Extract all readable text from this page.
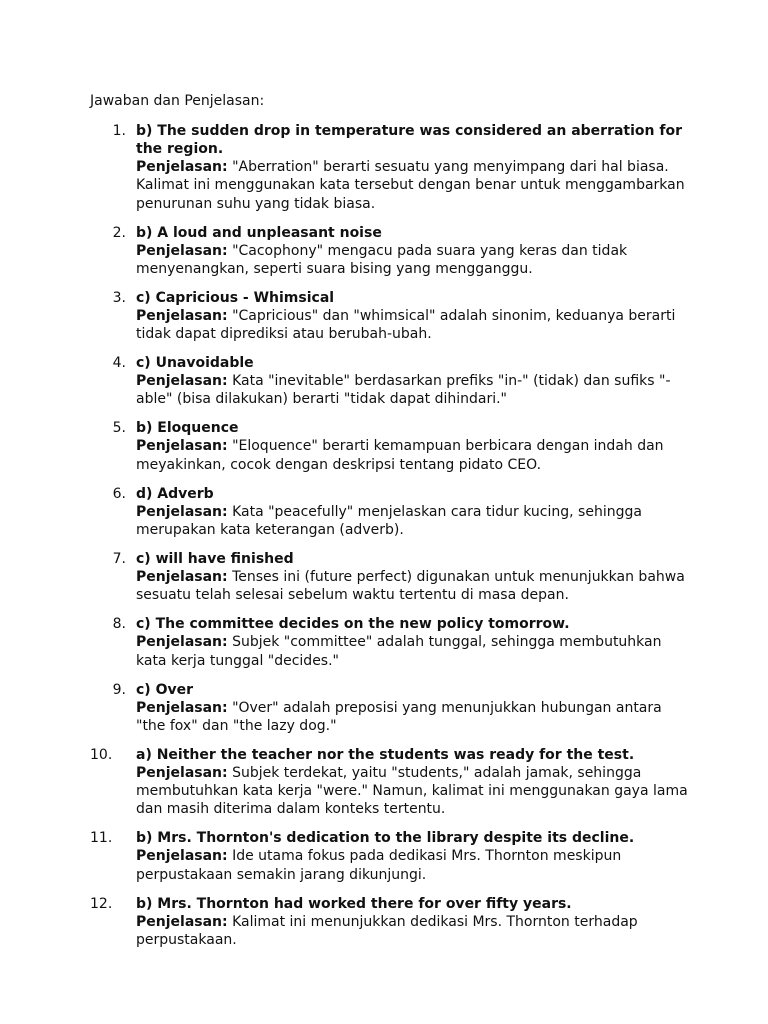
Jawaban dan Penjelasan:
1. b) The sudden drop in temperature was considered an aberration for the region.
Penjelasan: "Aberration" berarti sesuatu yang menyimpang dari hal biasa. Kalimat ini menggunakan kata tersebut dengan benar untuk menggambarkan penurunan suhu yang tidak biasa.
2. b) A loud and unpleasant noise
Penjelasan: "Cacophony" mengacu pada suara yang keras dan tidak menyenangkan, seperti suara bising yang mengganggu.
3. c) Capricious - Whimsical
Penjelasan: "Capricious" dan "whimsical" adalah sinonim, keduanya berarti tidak dapat diprediksi atau berubah-ubah.
4. c) Unavoidable
Penjelasan: Kata "inevitable" berdasarkan prefiks "in-" (tidak) dan sufiks "-able" (bisa dilakukan) berarti "tidak dapat dihindari."
5. b) Eloquence
Penjelasan: "Eloquence" berarti kemampuan berbicara dengan indah dan meyakinkan, cocok dengan deskripsi tentang pidato CEO.
6. d) Adverb
Penjelasan: Kata "peacefully" menjelaskan cara tidur kucing, sehingga merupakan kata keterangan (adverb).
7. c) will have finished
Penjelasan: Tenses ini (future perfect) digunakan untuk menunjukkan bahwa sesuatu telah selesai sebelum waktu tertentu di masa depan.
8. c) The committee decides on the new policy tomorrow.
Penjelasan: Subjek "committee" adalah tunggal, sehingga membutuhkan kata kerja tunggal "decides."
9. c) Over
Penjelasan: "Over" adalah preposisi yang menunjukkan hubungan antara "the fox" dan "the lazy dog."
10.	a) Neither the teacher nor the students was ready for the test.
Penjelasan: Subjek terdekat, yaitu "students," adalah jamak, sehingga membutuhkan kata kerja "were." Namun, kalimat ini menggunakan gaya lama dan masih diterima dalam konteks tertentu.
11.	b) Mrs. Thornton's dedication to the library despite its decline.
Penjelasan: Ide utama fokus pada dedikasi Mrs. Thornton meskipun perpustakaan semakin jarang dikunjungi.
12.	b) Mrs. Thornton had worked there for over fifty years.
Penjelasan: Kalimat ini menunjukkan dedikasi Mrs. Thornton terhadap perpustakaan.
